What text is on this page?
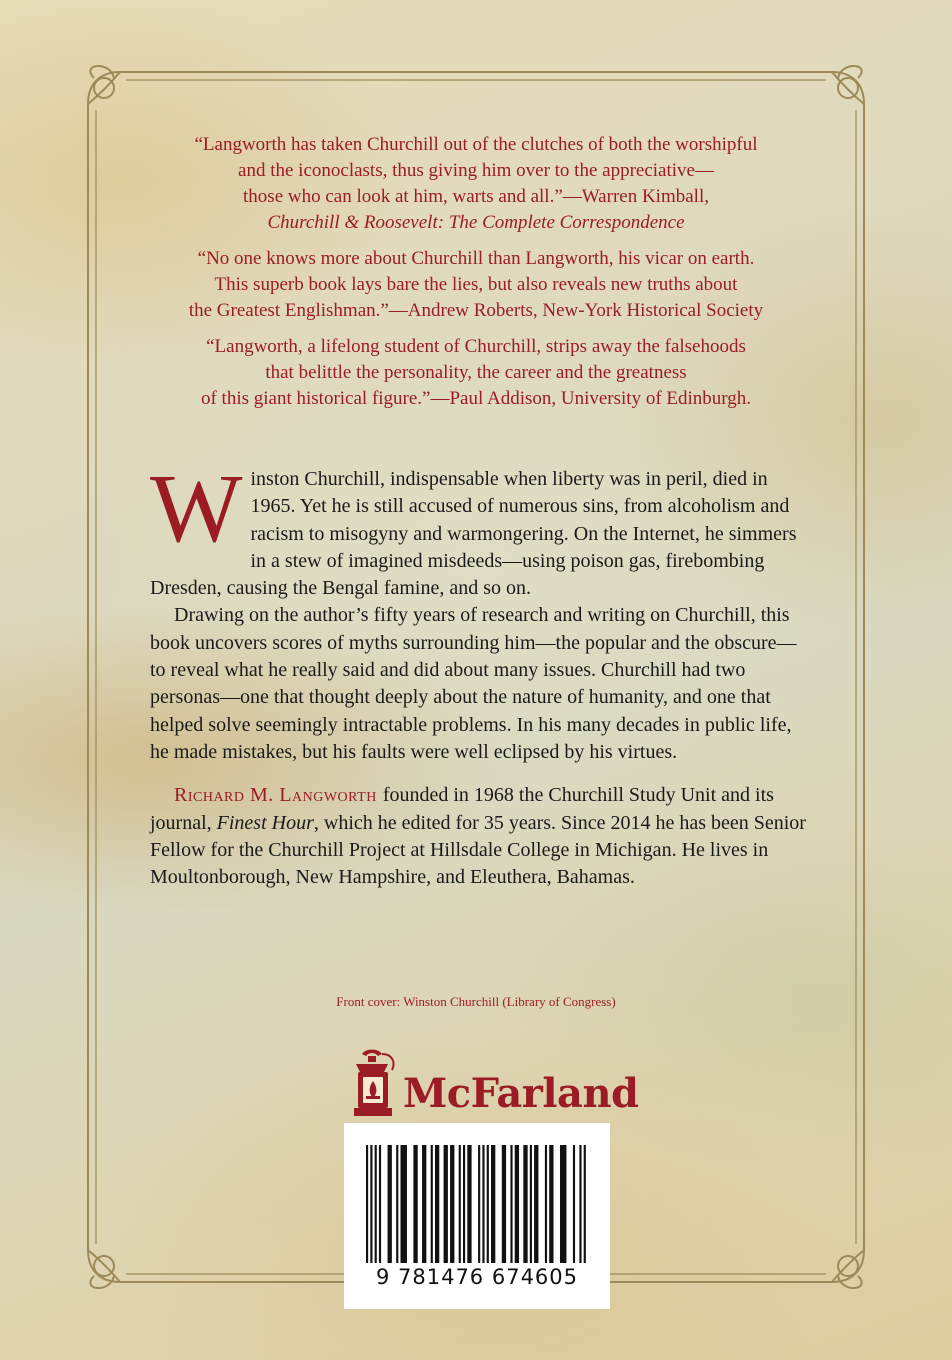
“Langworth has taken Churchill out of the clutches of both the worshipful
and the iconoclasts, thus giving him over to the appreciative—
those who can look at him, warts and all.”—Warren Kimball,
Churchill & Roosevelt: The Complete Correspondence
“No one knows more about Churchill than Langworth, his vicar on earth.
This superb book lays bare the lies, but also reveals new truths about
the Greatest Englishman.”—Andrew Roberts, New-York Historical Society
“Langworth, a lifelong student of Churchill, strips away the falsehoods
that belittle the personality, the career and the greatness
of this giant historical figure.”—Paul Addison, University of Edinburgh.

Winston Churchill, indispensable when liberty was in peril, died in 1965. Yet he is still accused of numerous sins, from alcoholism and racism to misogyny and warmongering. On the Internet, he simmers in a stew of imagined misdeeds—using poison gas, firebombing Dresden, causing the Bengal famine, and so on.

Drawing on the author’s fifty years of research and writing on Churchill, this book uncovers scores of myths surrounding him—the popular and the obscure—to reveal what he really said and did about many issues. Churchill had two personas—one that thought deeply about the nature of humanity, and one that helped solve seemingly intractable problems. In his many decades in public life, he made mistakes, but his faults were well eclipsed by his virtues.

Richard M. Langworth founded in 1968 the Churchill Study Unit and its journal, Finest Hour, which he edited for 35 years. Since 2014 he has been Senior Fellow for the Churchill Project at Hillsdale College in Michigan. He lives in Moultonborough, New Hampshire, and Eleuthera, Bahamas.

Front cover: Winston Churchill (Library of Congress)
McFarland
9 781476 674605
